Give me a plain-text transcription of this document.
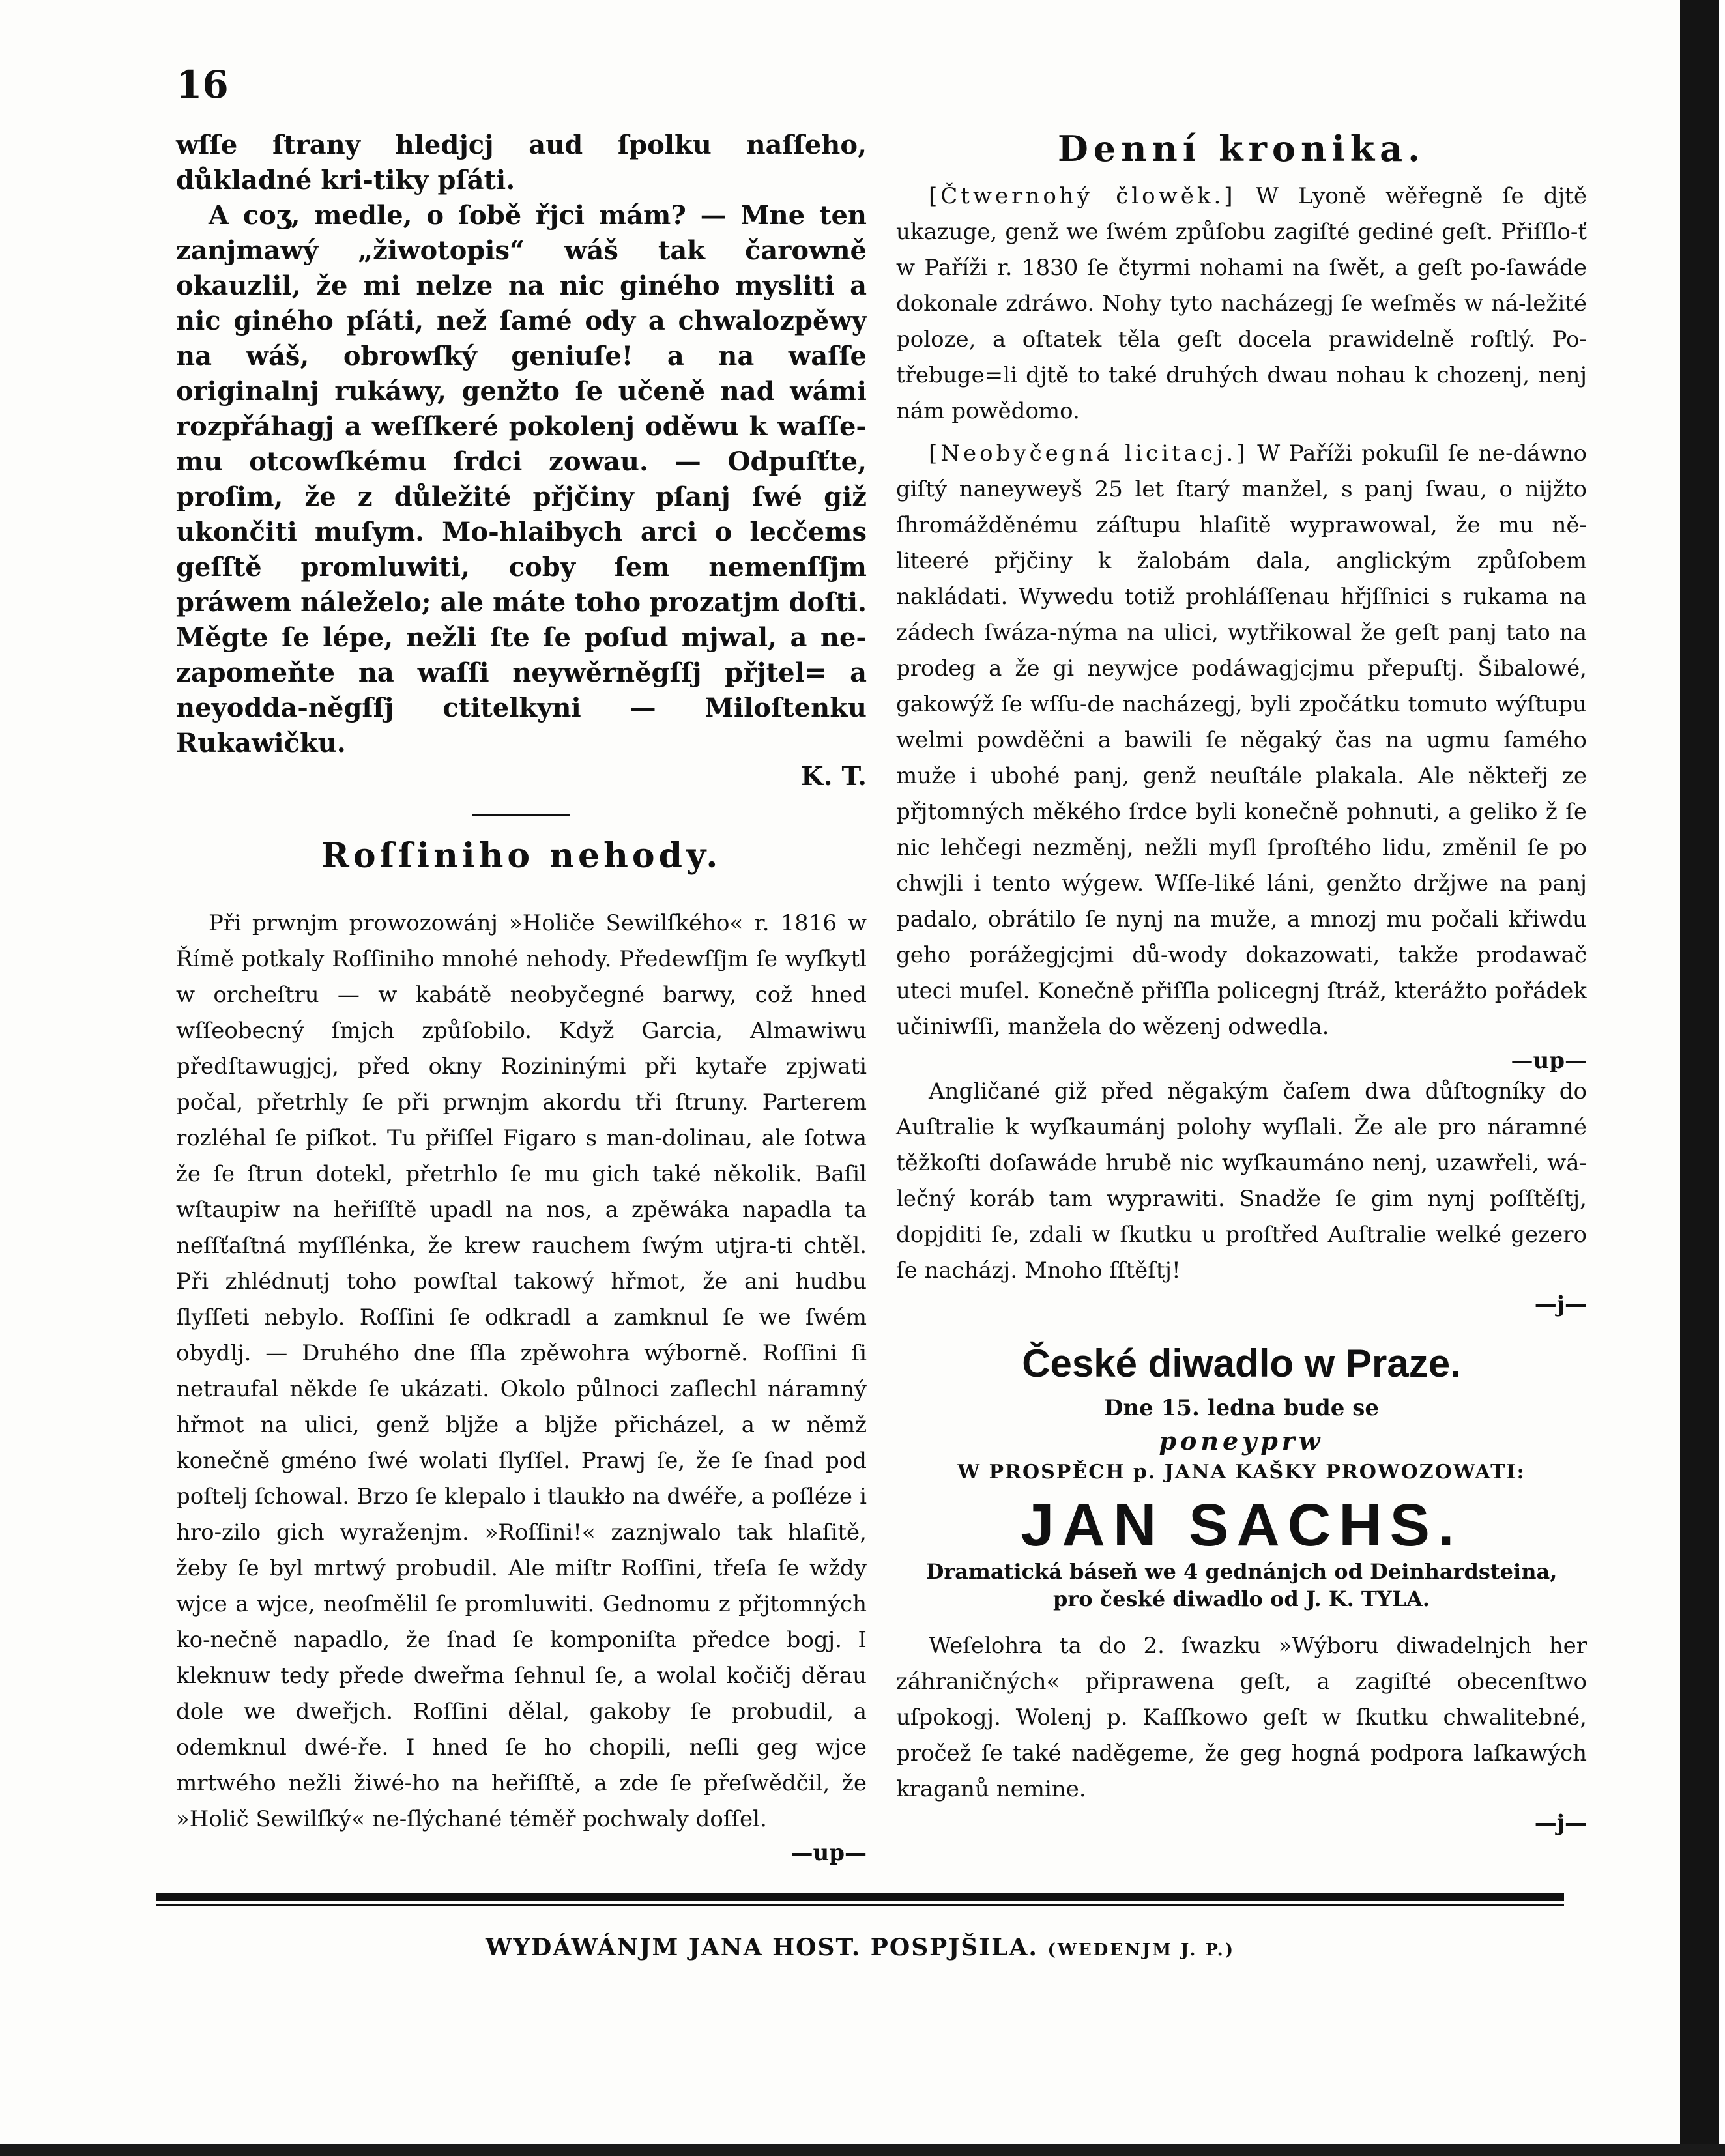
16

wſſe ſtrany hledjcj aud ſpolku naſſeho, důkladné kri-tiky pſáti.

A coʒ, medle, o ſobě řjci mám? — Mne ten zanjmawý „žiwotopis“ wáš tak čarowně okauzlil, že mi nelze na nic giného mysliti a nic giného pſáti, než ſamé ody a chwalozpěwy na wáš, obrowſký geniuſe! a na waſſe originalnj rukáwy, genžto ſe učeně nad wámi rozpřáhagj a weſſkeré pokolenj oděwu k waſſe-mu otcowſkému ſrdci zowau. — Odpuſťte, proſim, že z důležité přjčiny pſanj ſwé giž ukončiti muſym. Mo-hlaibych arci o lecčems geſſtě promluwiti, coby ſem nemenſſjm práwem náleželo; ale máte toho prozatjm doſti. Měgte ſe lépe, nežli ſte ſe poſud mjwal, a ne-zapomeňte na waſſi neywěrněgſſj přjtel= a neyodda-něgſſj ctitelkyni — Miloſtenku Rukawičku.

K. T.

Roſſiniho nehody.

Při prwnjm prowozowánj »Holiče Sewilſkého« r. 1816 w Římě potkaly Roſſiniho mnohé nehody. Předewſſjm ſe wyſkytl w orcheſtru — w kabátě neobyčegné barwy, což hned wſſeobecný ſmjch způſobilo. Když Garcia, Almawiwu předſtawugjcj, před okny Rozininými při kytaře zpjwati počal, přetrhly ſe při prwnjm akordu tři ſtruny. Parterem rozléhal ſe piſkot. Tu přiſſel Figaro s man-dolinau, ale ſotwa že ſe ſtrun dotekl, přetrhlo ſe mu gich také několik. Baſil wſtaupiw na heřiſſtě upadl na nos, a zpěwáka napadla ta neſſťaſtná myſſlénka, že krew rauchem ſwým utjra-ti chtěl. Při zhlédnutj toho powſtal takowý hřmot, že ani hudbu ſlyſſeti nebylo. Roſſini ſe odkradl a zamknul ſe we ſwém obydlj. — Druhého dne ſſla zpěwohra wýborně. Roſſini ſi netraufal někde ſe ukázati. Okolo půlnoci zaſlechl náramný hřmot na ulici, genž bljže a bljže přicházel, a w němž konečně gméno ſwé wolati ſlyſſel. Prawj ſe, že ſe ſnad pod poſtelj ſchowal. Brzo ſe klepalo i tlaukło na dwéře, a poſléze i hro-zilo gich wyraženjm. »Roſſini!« zaznjwalo tak hlaſitě, žeby ſe byl mrtwý probudil. Ale miſtr Roſſini, třeſa ſe wždy wjce a wjce, neoſmělil ſe promluwiti. Gednomu z přjtomných ko-nečně napadlo, že ſnad ſe komponiſta předce bogj. I kleknuw tedy přede dweřma ſehnul ſe, a wolal kočičj děrau dole we dweřjch. Roſſini dělal, gakoby ſe probudil, a odemknul dwé-ře. I hned ſe ho chopili, neſli geg wjce mrtwého nežli žiwé-ho na heřiſſtě, a zde ſe přeſwědčil, že »Holič Sewilſký« ne-ſlýchané téměř pochwaly doſſel.

—up—

Denní kronika.

[Čtwernohý člowěk.] W Lyoně wěřegně ſe djtě ukazuge, genž we ſwém způſobu zagiſté gediné geſt. Přiſſlo-ť w Paříži r. 1830 ſe čtyrmi nohami na ſwět, a geſt po-ſawáde dokonale zdráwo. Nohy tyto nacházegj ſe weſměs w ná-ležité poloze, a oſtatek těla geſt docela prawidelně roſtlý. Po-třebuge=li djtě to také druhých dwau nohau k chozenj, nenj nám powědomo.

[Neobyčegná licitacj.] W Paříži pokuſil ſe ne-dáwno giſtý naneyweyš 25 let ſtarý manžel, s panj ſwau, o nijžto ſhromážděnému záſtupu hlaſitě wyprawowal, že mu ně-liteeré přjčiny k žalobám dala, anglickým způſobem nakládati. Wywedu totiž prohláſſenau hřjſſnici s rukama na zádech ſwáza-nýma na ulici, wytřikowal že geſt panj tato na prodeg a že gi neywjce podáwagjcjmu přepuſtj. Šibalowé, gakowýž ſe wſſu-de nacházegj, byli zpočátku tomuto wýſtupu welmi powděčni a bawili ſe něgaký čas na ugmu ſamého muže i ubohé panj, genž neuſtále plakala. Ale někteřj ze přjtomných měkého ſrdce byli konečně pohnuti, a geliko ž ſe nic lehčegi nezměnj, nežli myſl ſproſtého lidu, změnil ſe po chwjli i tento wýgew. Wſſe-liké láni, genžto držjwe na panj padalo, obrátilo ſe nynj na muže, a mnozj mu počali křiwdu geho porážegjcjmi dů-wody dokazowati, takže prodawač uteci muſel. Konečně přiſſla policegnj ſtráž, kterážto pořádek učiniwſſi, manžela do wězenj odwedla.

—up—

Angličané giž před něgakým čaſem dwa důſtogníky do Auſtralie k wyſkaumánj polohy wyſlali. Že ale pro náramné těžkoſti doſawáde hrubě nic wyſkaumáno nenj, uzawřeli, wá-lečný koráb tam wyprawiti. Snadže ſe gim nynj poſſtěſtj, dopjditi ſe, zdali w ſkutku u proſtřed Auſtralie welké gezero ſe nacházj. Mnoho ſſtěſtj!

—j—

České diwadlo w Praze.

Dne 15. ledna bude se

poneyprw

W PROSPĚCH p. JANA KAŠKY PROWOZOWATI:

JAN SACHS.

Dramatická báseň we 4 gednánjch od Deinhardsteina,

pro české diwadlo od J. K. TYLA.

Weſelohra ta do 2. ſwazku »Wýboru diwadelnjch her záhraničných« připrawena geſt, a zagiſté obecenſtwo uſpokogj. Wolenj p. Kaſſkowo geſt w ſkutku chwalitebné, pročež ſe také naděgeme, že geg hogná podpora laſkawých kraganů nemine.

—j—

WYDÁWÁNJM JANA HOST. POSPJŠILA. (WEDENJM J. P.)
